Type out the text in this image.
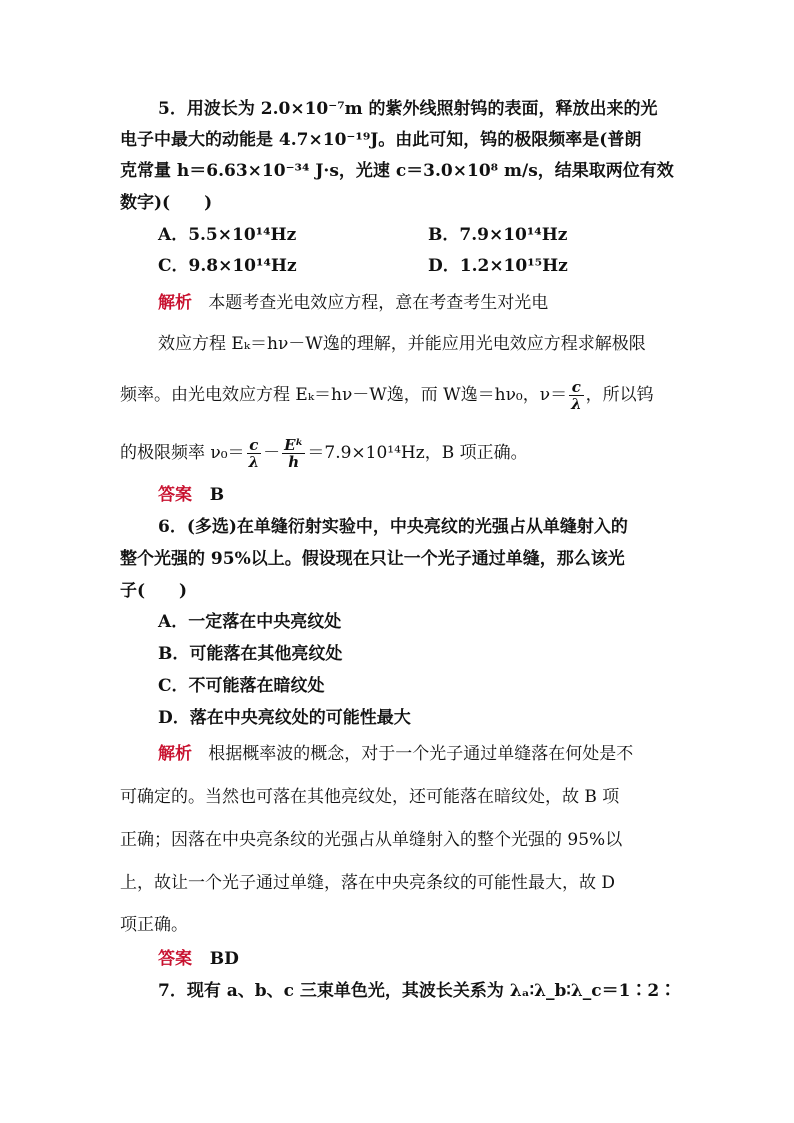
5．用波长为 2.0×10⁻⁷m 的紫外线照射钨的表面，释放出来的光
电子中最大的动能是 4.7×10⁻¹⁹J。由此可知，钨的极限频率是(普朗
克常量 h＝6.63×10⁻³⁴ J·s，光速 c＝3.0×10⁸ m/s，结果取两位有效
数字)(　　)
A．5.5×10¹⁴Hz	B．7.9×10¹⁴Hz
C．9.8×10¹⁴Hz	D．1.2×10¹⁵Hz
解析 本题考查光电效应方程，意在考查考生对光电
效应方程 Eₖ＝hν－W逸的理解，并能应用光电效应方程求解极限
频率。由光电效应方程 Eₖ＝hν－W逸，而 W逸＝hν₀，$\nu= \frac{c}{\lambda}$ ，所以钨
的极限频率 $\nu_0= \frac{c}{\lambda} - \frac{\text{Eᵏ}}{h} =7.9\times 10^{14}Hz$，B 项正确。
答案 B
6．(多选)在单缝衍射实验中，中央亮纹的光强占从单缝射入的
整个光强的 95%以上。假设现在只让一个光子通过单缝，那么该光
子(　　)
A．一定落在中央亮纹处
B．可能落在其他亮纹处
C．不可能落在暗纹处
D．落在中央亮纹处的可能性最大
解析 根据概率波的概念，对于一个光子通过单缝落在何处是不
可确定的。当然也可落在其他亮纹处，还可能落在暗纹处，故 B 项
正确；因落在中央亮条纹的光强占从单缝射入的整个光强的 95%以
上，故让一个光子通过单缝，落在中央亮条纹的可能性最大，故 D
项正确。
答案 BD
7．现有 a、b、c 三束单色光，其波长关系为 λₐ∶λ_b∶λ_c＝1∶2∶
